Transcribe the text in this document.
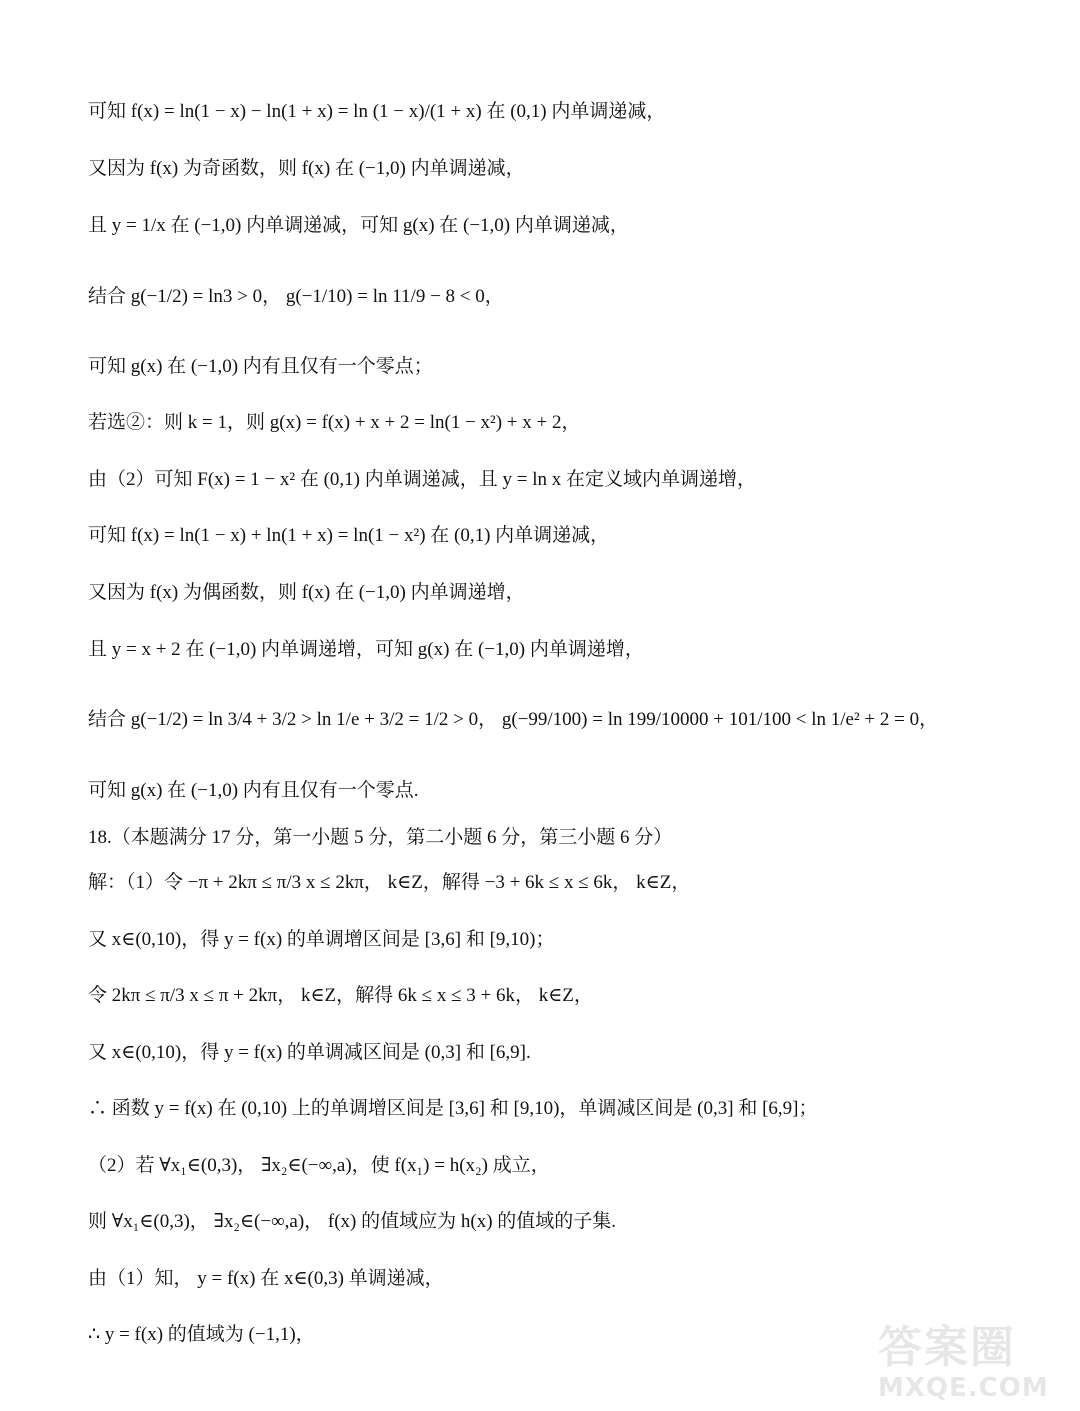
可知 f(x) = ln(1 − x) − ln(1 + x) = ln (1 − x)/(1 + x) 在 (0,1) 内单调递减，
又因为 f(x) 为奇函数，则 f(x) 在 (−1,0) 内单调递减，
且 y = 1/x 在 (−1,0) 内单调递减，可知 g(x) 在 (−1,0) 内单调递减，
结合 g(−1/2) = ln3 > 0， g(−1/10) = ln 11/9 − 8 < 0，
可知 g(x) 在 (−1,0) 内有且仅有一个零点；
若选②：则 k = 1，则 g(x) = f(x) + x + 2 = ln(1 − x²) + x + 2，
由（2）可知 F(x) = 1 − x² 在 (0,1) 内单调递减，且 y = ln x 在定义域内单调递增，
可知 f(x) = ln(1 − x) + ln(1 + x) = ln(1 − x²) 在 (0,1) 内单调递减，
又因为 f(x) 为偶函数，则 f(x) 在 (−1,0) 内单调递增，
且 y = x + 2 在 (−1,0) 内单调递增，可知 g(x) 在 (−1,0) 内单调递增，
结合 g(−1/2) = ln 3/4 + 3/2 > ln 1/e + 3/2 = 1/2 > 0， g(−99/100) = ln 199/10000 + 101/100 < ln 1/e² + 2 = 0，
可知 g(x) 在 (−1,0) 内有且仅有一个零点.
18.（本题满分 17 分，第一小题 5 分，第二小题 6 分，第三小题 6 分）
解：（1）令 −π + 2kπ ≤ π/3 x ≤ 2kπ， k∈Z，解得 −3 + 6k ≤ x ≤ 6k， k∈Z，
又 x∈(0,10)，得 y = f(x) 的单调增区间是 [3,6] 和 [9,10)；
令 2kπ ≤ π/3 x ≤ π + 2kπ， k∈Z，解得 6k ≤ x ≤ 3 + 6k， k∈Z，
又 x∈(0,10)，得 y = f(x) 的单调减区间是 (0,3] 和 [6,9].
∴ 函数 y = f(x) 在 (0,10) 上的单调增区间是 [3,6] 和 [9,10)，单调减区间是 (0,3] 和 [6,9]；
（2）若 ∀x₁∈(0,3)， ∃x₂∈(−∞,a)，使 f(x₁) = h(x₂) 成立，
则 ∀x₁∈(0,3)， ∃x₂∈(−∞,a)， f(x) 的值域应为 h(x) 的值域的子集.
由（1）知， y = f(x) 在 x∈(0,3) 单调递减，
∴ y = f(x) 的值域为 (−1,1)，	答案圈
MXQE.COM
